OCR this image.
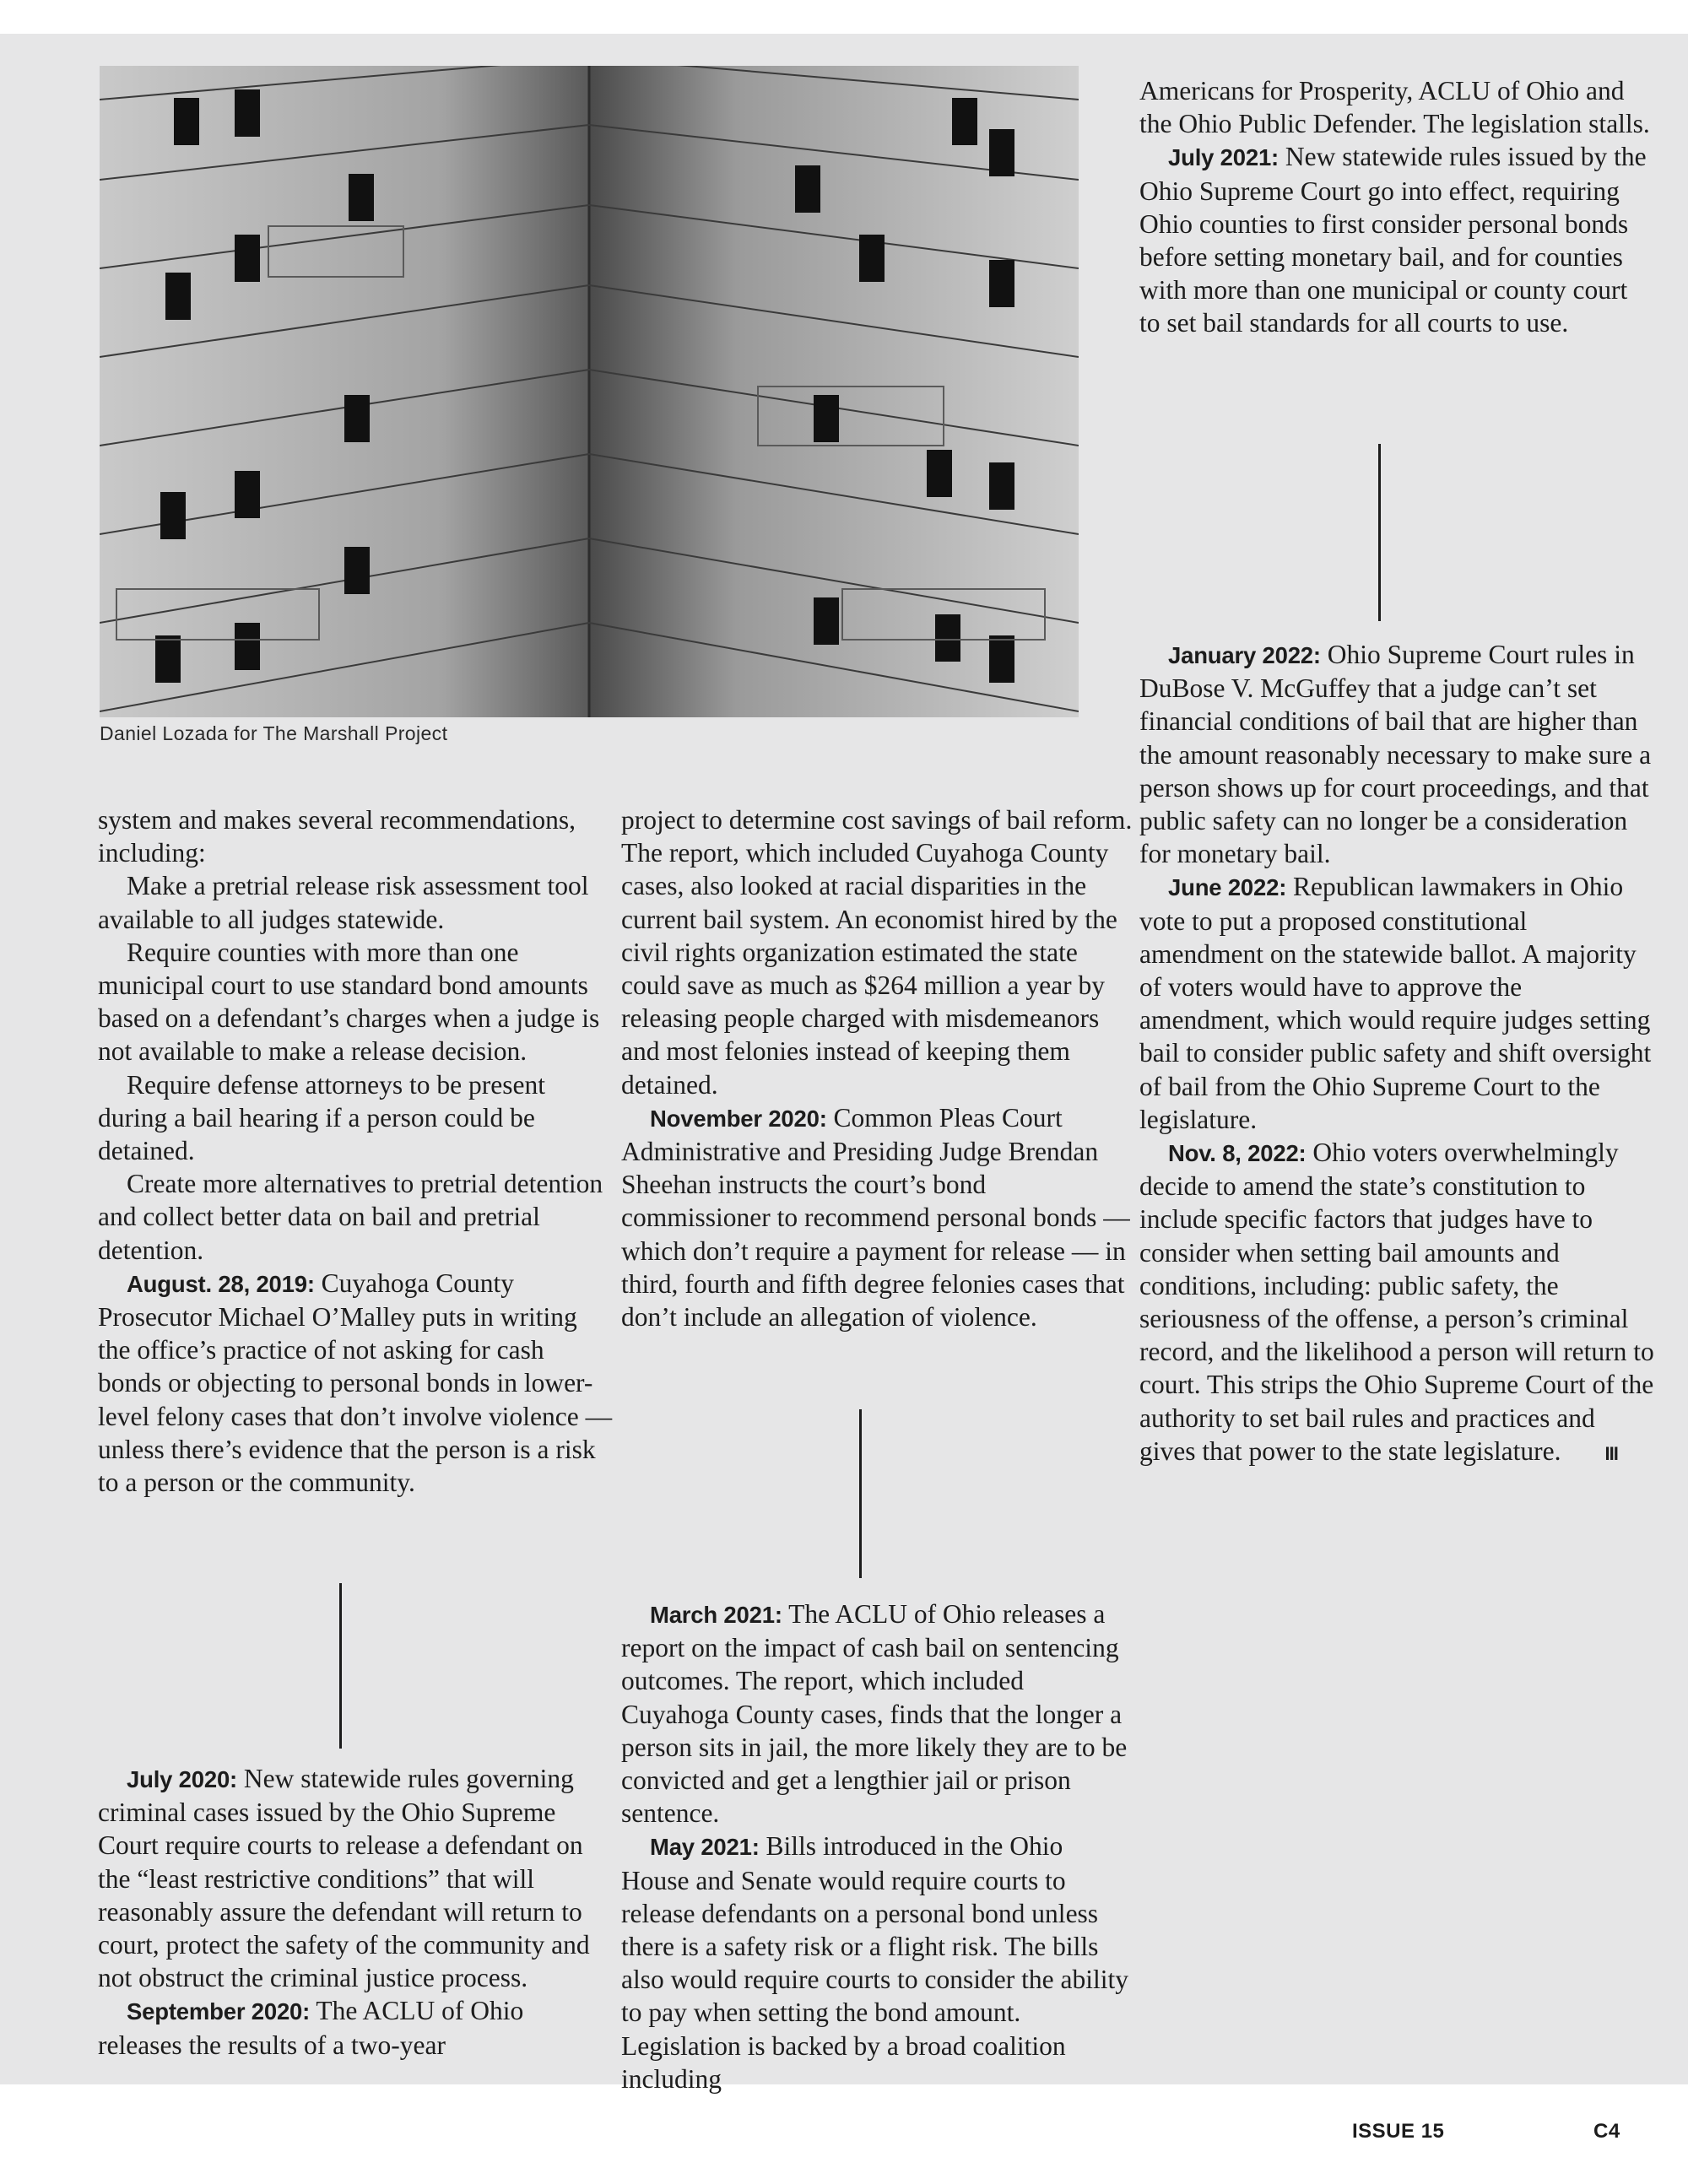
Daniel Lozada for The Marshall Project

system and makes several recommendations, including:

Make a pretrial release risk assessment tool available to all judges statewide.

Require counties with more than one municipal court to use standard bond amounts based on a defendant’s charges when a judge is not available to make a release decision.

Require defense attorneys to be present during a bail hearing if a person could be detained.

Create more alternatives to pretrial detention and collect better data on bail and pretrial detention.

August. 28, 2019: Cuyahoga County Prosecutor Michael O’Malley puts in writing the office’s practice of not asking for cash bonds or objecting to personal bonds in lower-level felony cases that don’t involve violence — unless there’s evidence that the person is a risk to a person or the community.

July 2020: New statewide rules governing criminal cases issued by the Ohio Supreme Court require courts to release a defendant on the “least restrictive conditions” that will reasonably assure the defendant will return to court, protect the safety of the community and not obstruct the criminal justice process.

September 2020: The ACLU of Ohio releases the results of a two-year

project to determine cost savings of bail reform. The report, which included Cuyahoga County cases, also looked at racial disparities in the current bail system. An economist hired by the civil rights organization estimated the state could save as much as $264 million a year by releasing people charged with misdemeanors and most felonies instead of keeping them detained.

November 2020: Common Pleas Court Administrative and Presiding Judge Brendan Sheehan instructs the court’s bond commissioner to recommend personal bonds — which don’t require a payment for release — in third, fourth and fifth degree felonies cases that don’t include an allegation of violence.

March 2021: The ACLU of Ohio releases a report on the impact of cash bail on sentencing outcomes. The report, which included Cuyahoga County cases, finds that the longer a person sits in jail, the more likely they are to be convicted and get a lengthier jail or prison sentence.

May 2021: Bills introduced in the Ohio House and Senate would require courts to release defendants on a personal bond unless there is a safety risk or a flight risk. The bills also would require courts to consider the ability to pay when setting the bond amount. Legislation is backed by a broad coalition including

Americans for Prosperity, ACLU of Ohio and the Ohio Public Defender. The legislation stalls.

July 2021: New statewide rules issued by the Ohio Supreme Court go into effect, requiring Ohio counties to first consider personal bonds before setting monetary bail, and for counties with more than one municipal or county court to set bail standards for all courts to use.

January 2022: Ohio Supreme Court rules in DuBose V. McGuffey that a judge can’t set financial conditions of bail that are higher than the amount reasonably necessary to make sure a person shows up for court proceedings, and that public safety can no longer be a consideration for monetary bail.

June 2022: Republican lawmakers in Ohio vote to put a proposed constitutional amendment on the statewide ballot. A majority of voters would have to approve the amendment, which would require judges setting bail to consider public safety and shift oversight of bail from the Ohio Supreme Court to the legislature.

Nov. 8, 2022: Ohio voters overwhelmingly decide to amend the state’s constitution to include specific factors that judges have to consider when setting bail amounts and conditions, including: public safety, the seriousness of the offense, a person’s criminal record, and the likelihood a person will return to court. This strips the Ohio Supreme Court of the authority to set bail rules and practices and gives that power to the state legislature. III

ISSUE 15	C4
